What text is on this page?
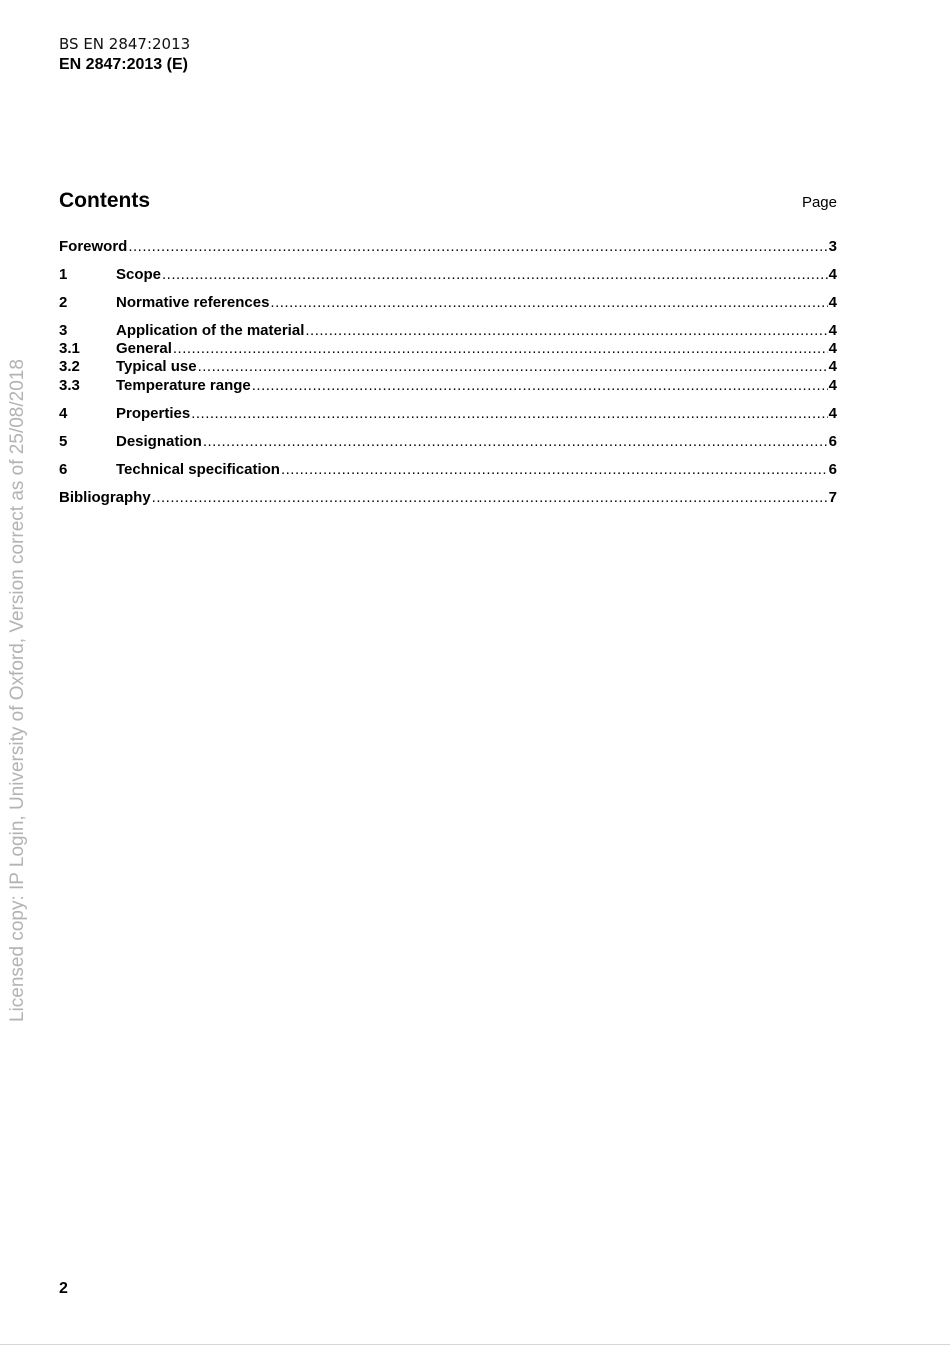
BS EN 2847:2013
EN 2847:2013 (E)
Contents	Page
Foreword .....	3
1	Scope .....	4
2	Normative references .....	4
3	Application of the material .....	4
3.1	General .....	4
3.2	Typical use .....	4
3.3	Temperature range .....	4
4	Properties .....	4
5	Designation .....	6
6	Technical specification .....	6
Bibliography .....	7
Licensed copy: IP Login, University of Oxford, Version correct as of 25/08/2018
2
